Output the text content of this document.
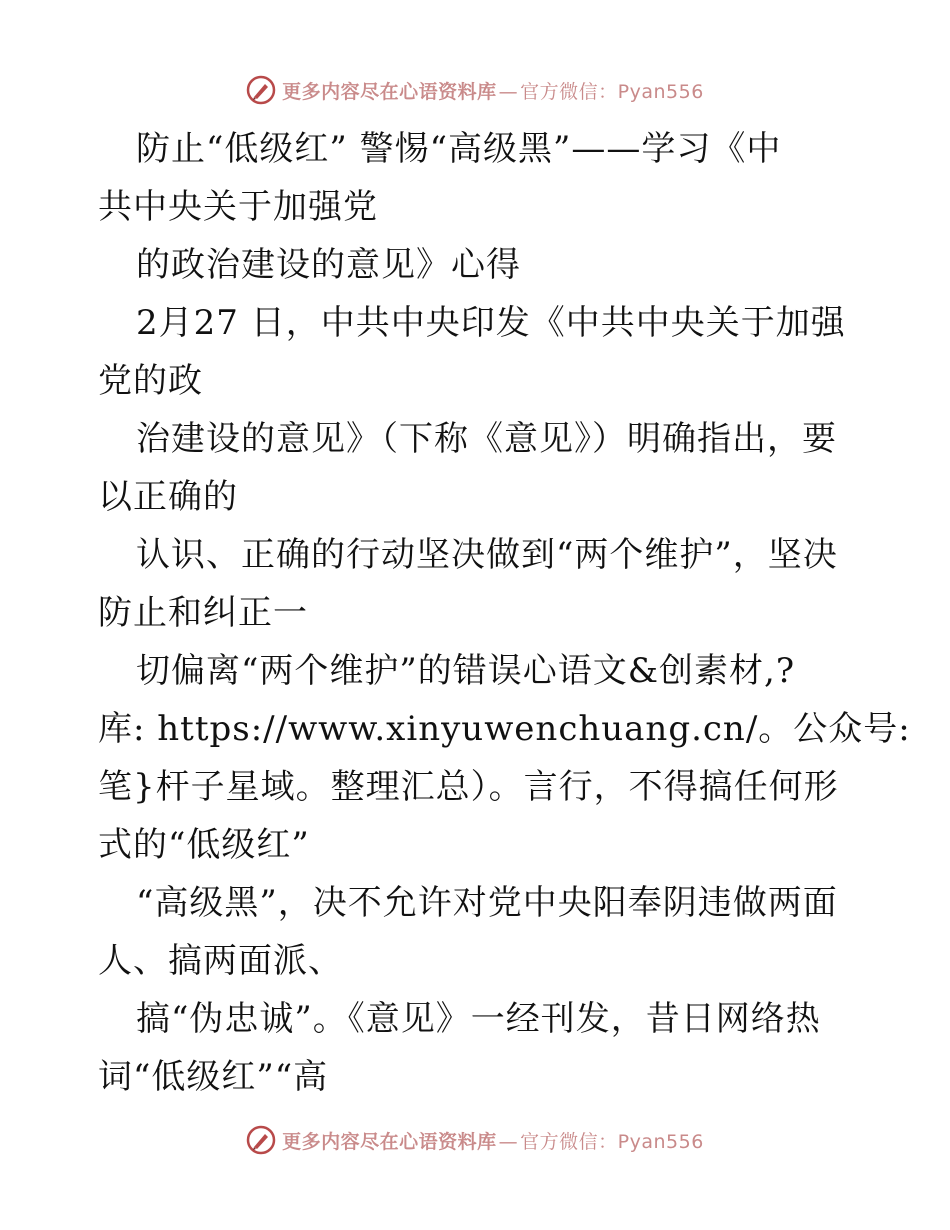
更多内容尽在心语资料库 — 官方微信：Pyan556
防止“低级红” 警惕“高级黑”——学习《中
共中央关于加强党
的政治建设的意见》心得
2月27 日，中共中央印发《中共中央关于加强
党的政
治建设的意见》（下称《意见》）明确指出，要
以正确的
认识、正确的行动坚决做到“两个维护”，坚决
防止和纠正一
切偏离“两个维护”的错误心语文&创素材,?
库: https://www.xinyuwenchuang.cn/。公众号:
笔}杆子星域。整理汇总）。言行，不得搞任何形
式的“低级红”
“高级黑”，决不允许对党中央阳奉阴违做两面
人、搞两面派、
搞“伪忠诚”。《意见》一经刊发，昔日网络热
词“低级红”“高
更多内容尽在心语资料库 — 官方微信：Pyan556
